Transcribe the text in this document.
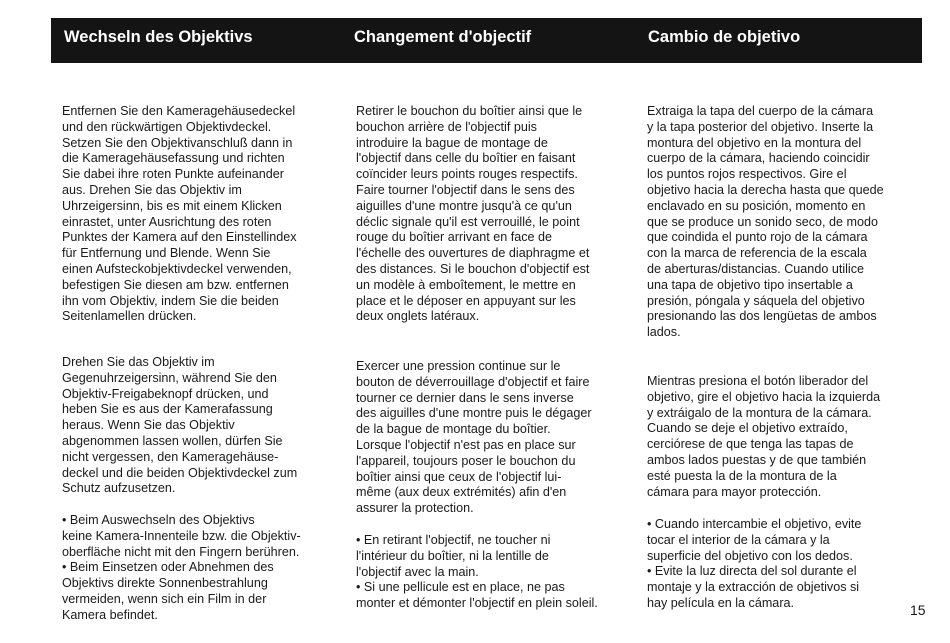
Wechseln des Objektivs	Changement d'objectif	Cambio de objetivo
Entfernen Sie den Kameragehäusedeckel
und den rückwärtigen Objektivdeckel.
Setzen Sie den Objektivanschluß dann in
die Kameragehäusefassung und richten
Sie dabei ihre roten Punkte aufeinander
aus. Drehen Sie das Objektiv im
Uhrzeigersinn, bis es mit einem Klicken
einrastet, unter Ausrichtung des roten
Punktes der Kamera auf den Einstellindex
für Entfernung und Blende. Wenn Sie
einen Aufsteckobjektivdeckel verwenden,
befestigen Sie diesen am bzw. entfernen
ihn vom Objektiv, indem Sie die beiden
Seitenlamellen drücken.
Drehen Sie das Objektiv im
Gegenuhrzeigersinn, während Sie den
Objektiv-Freigabeknopf drücken, und
heben Sie es aus der Kamerafassung
heraus. Wenn Sie das Objektiv
abgenommen lassen wollen, dürfen Sie
nicht vergessen, den Kameragehäuse-
deckel und die beiden Objektivdeckel zum
Schutz aufzusetzen.
• Beim Auswechseln des Objektivs
keine Kamera-Innenteile bzw. die Objektiv-
oberfläche nicht mit den Fingern berühren.
• Beim Einsetzen oder Abnehmen des
Objektivs direkte Sonnenbestrahlung
vermeiden, wenn sich ein Film in der
Kamera befindet.
Retirer le bouchon du boîtier ainsi que le
bouchon arrière de l'objectif puis
introduire la bague de montage de
l'objectif dans celle du boîtier en faisant
coïncider leurs points rouges respectifs.
Faire tourner l'objectif dans le sens des
aiguilles d'une montre jusqu'à ce qu'un
déclic signale qu'il est verrouillé, le point
rouge du boîtier arrivant en face de
l'échelle des ouvertures de diaphragme et
des distances. Si le bouchon d'objectif est
un modèle à emboîtement, le mettre en
place et le déposer en appuyant sur les
deux onglets latéraux.
Exercer une pression continue sur le
bouton de déverrouillage d'objectif et faire
tourner ce dernier dans le sens inverse
des aiguilles d'une montre puis le dégager
de la bague de montage du boîtier.
Lorsque l'objectif n'est pas en place sur
l'appareil, toujours poser le bouchon du
boîtier ainsi que ceux de l'objectif lui-
même (aux deux extrémités) afin d'en
assurer la protection.
• En retirant l'objectif, ne toucher ni
l'intérieur du boîtier, ni la lentille de
l'objectif avec la main.
• Si une pellicule est en place, ne pas
monter et démonter l'objectif en plein soleil.
Extraiga la tapa del cuerpo de la cámara
y la tapa posterior del objetivo. Inserte la
montura del objetivo en la montura del
cuerpo de la cámara, haciendo coincidir
los puntos rojos respectivos. Gire el
objetivo hacia la derecha hasta que quede
enclavado en su posición, momento en
que se produce un sonido seco, de modo
que coindida el punto rojo de la cámara
con la marca de referencia de la escala
de aberturas/distancias. Cuando utilice
una tapa de objetivo tipo insertable a
presión, póngala y sáquela del objetivo
presionando las dos lengüetas de ambos
lados.
Mientras presiona el botón liberador del
objetivo, gire el objetivo hacia la izquierda
y extráigalo de la montura de la cámara.
Cuando se deje el objetivo extraído,
cerciórese de que tenga las tapas de
ambos lados puestas y de que también
esté puesta la de la montura de la
cámara para mayor protección.
• Cuando intercambie el objetivo, evite
tocar el interior de la cámara y la
superficie del objetivo con los dedos.
• Evite la luz directa del sol durante el
montaje y la extracción de objetivos si
hay película en la cámara.	15
